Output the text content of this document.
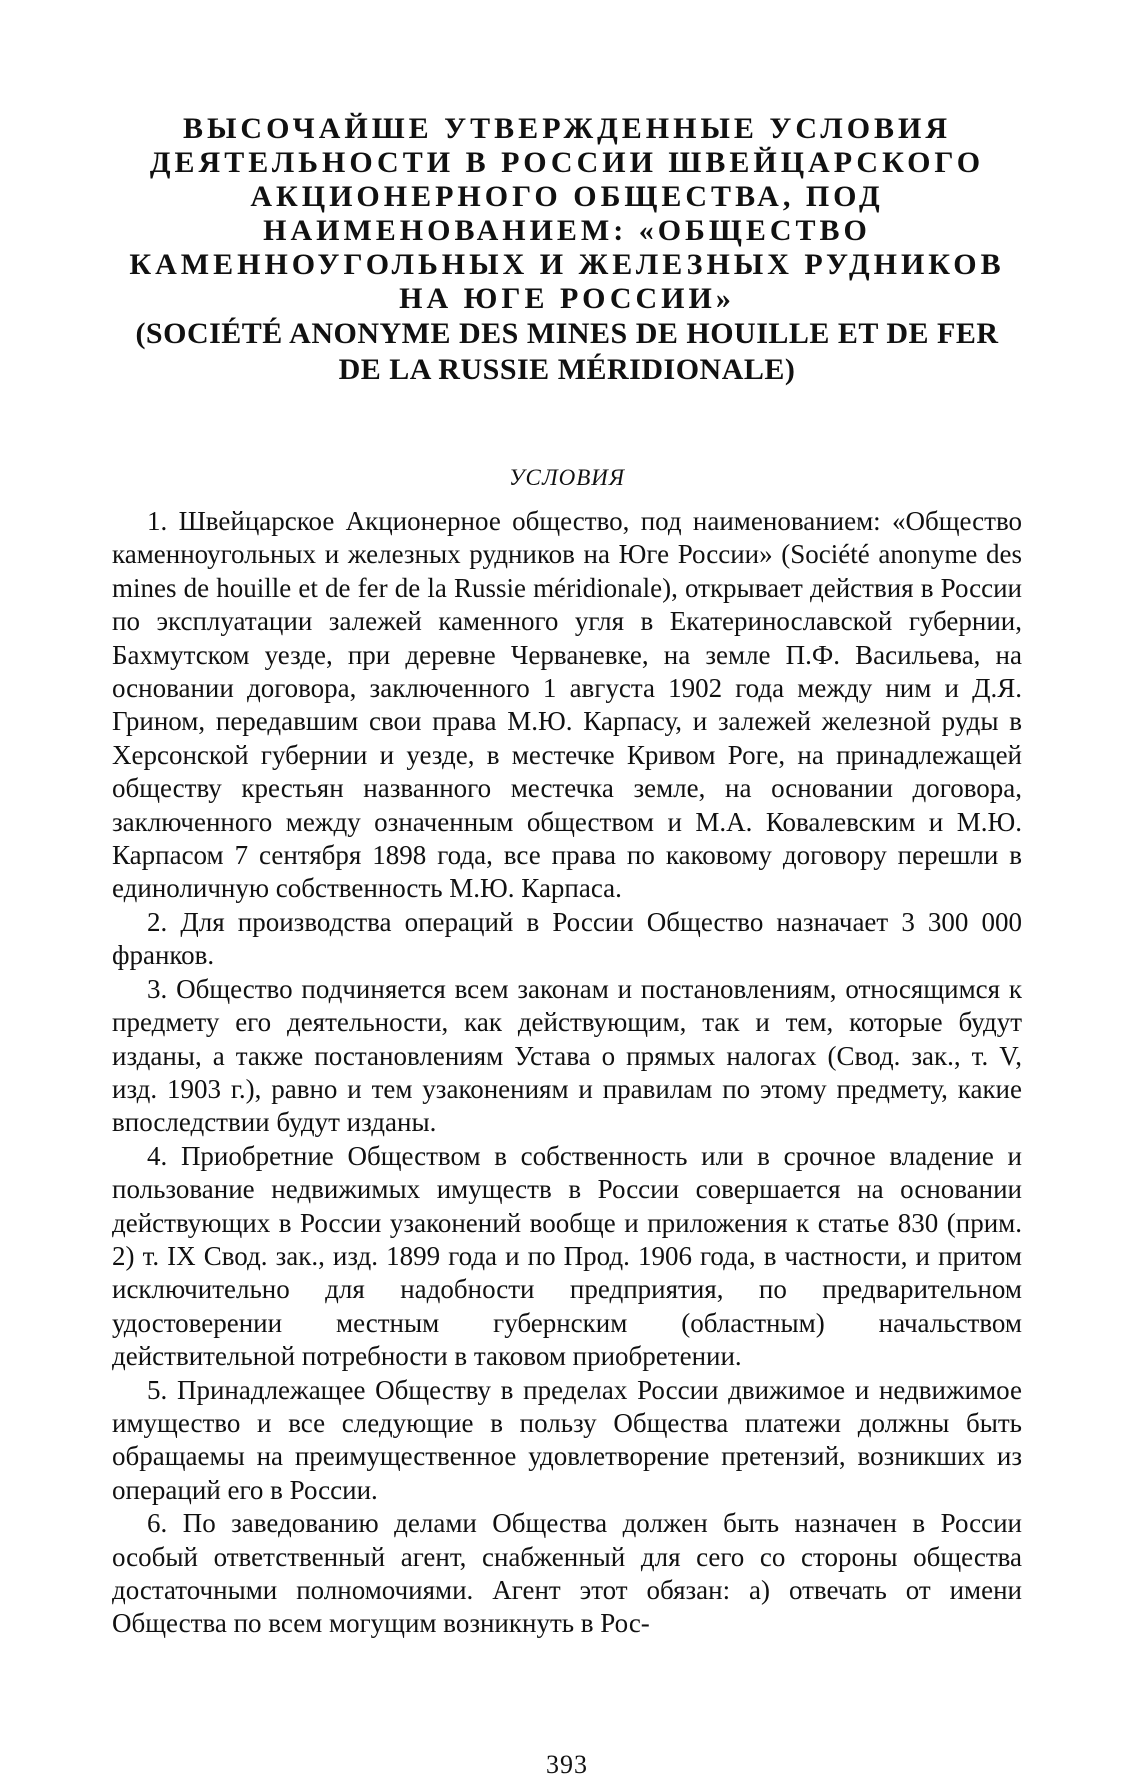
ВЫСОЧАЙШЕ УТВЕРЖДЕННЫЕ УСЛОВИЯ ДЕЯТЕЛЬНОСТИ В РОССИИ ШВЕЙЦАРСКОГО АКЦИОНЕРНОГО ОБЩЕСТВА, ПОД НАИМЕНОВАНИЕМ: «ОБЩЕСТВО КАМЕННОУГОЛЬНЫХ И ЖЕЛЕЗНЫХ РУДНИКОВ НА ЮГЕ РОССИИ»
(SOCIÉTÉ ANONYME DES MINES DE HOUILLE ET DE FER DE LA RUSSIE MÉRIDIONALE)
УСЛОВИЯ

1. Швейцарское Акционерное общество, под наименованием: «Общество каменноугольных и железных рудников на Юге России» (Société anonyme des mines de houille et de fer de la Russie méridionale), открывает действия в России по эксплуатации залежей каменного угля в Екатеринославской губернии, Бахмутском уезде, при деревне Черванeвке, на земле П.Ф. Васильева, на основании договора, заключенного 1 августа 1902 года между ним и Д.Я. Грином, передавшим свои права М.Ю. Карпасу, и залежей железной руды в Херсонской губернии и уезде, в местечке Кривом Роге, на принадлежащей обществу крестьян названного местечка земле, на основании договора, заключенного между означенным обществом и М.А. Ковалевским и М.Ю. Карпасом 7 сентября 1898 года, все права по каковому договору перешли в единоличную собственность М.Ю. Карпаса.

2. Для производства операций в России Общество назначает 3 300 000 франков.

3. Общество подчиняется всем законам и постановлениям, относящимся к предмету его деятельности, как действующим, так и тем, которые будут изданы, а также постановлениям Устава о прямых налогах (Свод. зак., т. V, изд. 1903 г.), равно и тем узаконениям и правилам по этому предмету, какие впоследствии будут изданы.

4. Приобретние Обществом в собственность или в срочное владение и пользование недвижимых имуществ в России совершается на основании действующих в России узаконений вообще и приложения к статье 830 (прим. 2) т. IX Свод. зак., изд. 1899 года и по Прод. 1906 года, в частности, и притом исключительно для надобности предприятия, по предварительном удостоверении местным губернским (областным) начальством действительной потребности в таковом приобретении.

5. Принадлежащее Обществу в пределах России движимое и недвижимое имущество и все следующие в пользу Общества платежи должны быть обращаемы на преимущественное удовлетворение претензий, возникших из операций его в России.

6. По заведованию делами Общества должен быть назначен в России особый ответственный агент, снабженный для сего со стороны общества достаточными полномочиями. Агент этот обязан: а) отвечать от имени Общества по всем могущим возникнуть в Рос-

393
